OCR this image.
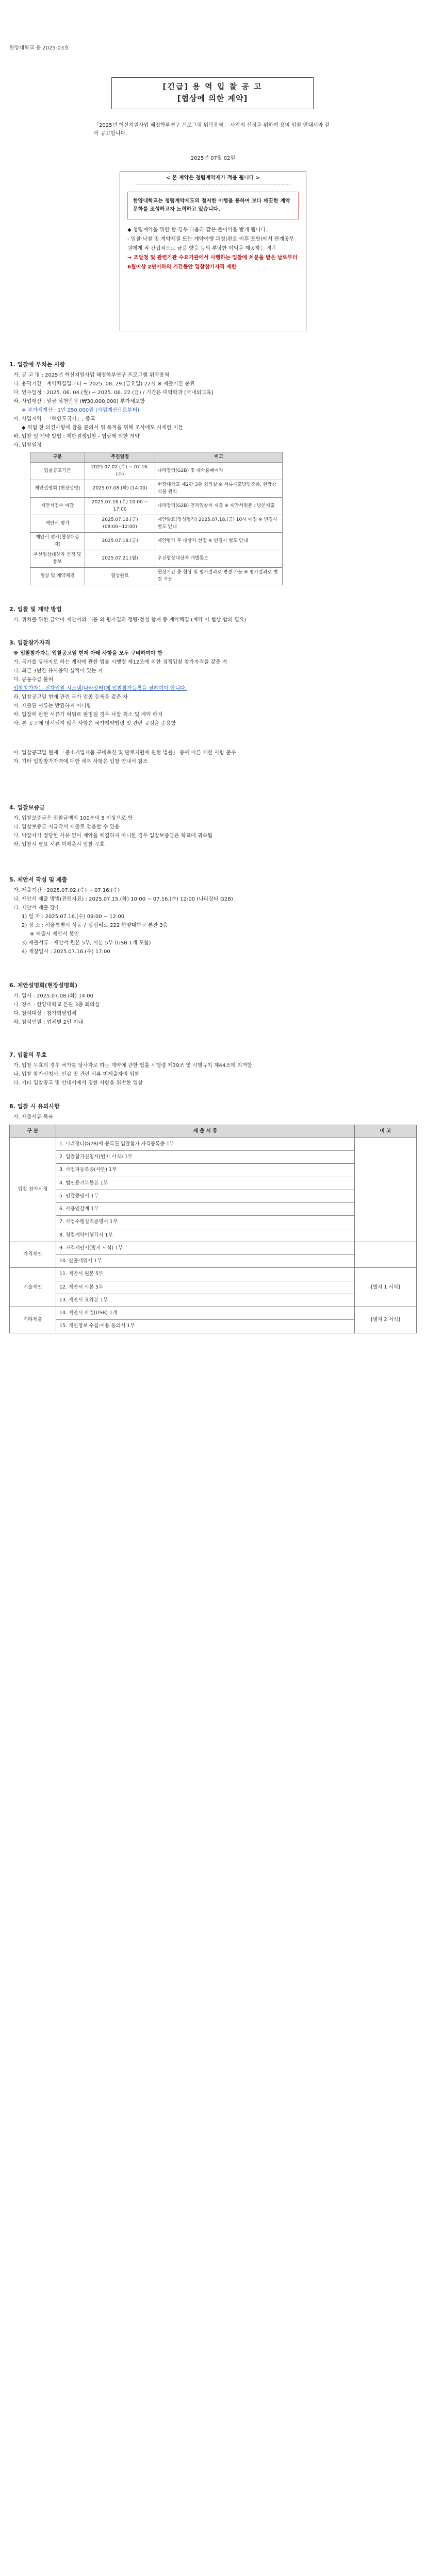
한양대학교 용 2025-03호
[긴급] 용 역 입 찰 공 고
[협상에 의한 계약]
「2025년 혁신지원사업 혜정학부연구 프로그램 위탁용역」 사업의 선정을 위하여 용역 입찰 안내서와 같이 공고합니다.
2025년 07월 02일
< 본 계약은 청렴계약제가 적용 됩니다 >
한양대학교는 청렴계약제도의 철저한 이행을 통하여 보다 깨끗한 계약 문화를 조성하고자 노력하고 있습니다.
◆ 청렴계약을 위한 할 경우 다음과 같은 불이익을 받게 됩니다.
- 입찰·낙찰 및 계약체결 또는 계약이행 과정(완료 이후 포함)에서 관계공무원에게 직·간접적으로 금품·향응 등의 부당한 이익을 제공하는 경우
→ 조달청 및 관련기관 수요기관에서 사행하는 입찰에 처분을 받은 날로부터 6월이상 2년이하의 기간동안 입찰참가자격 제한
1. 입찰에 부치는 사항
가. 공 고 명 : 2025년 혁신지원사업 혜정학부연구 프로그램 위탁용역
나. 용역기간 : 계약체결일부터 ~ 2025. 08. 29.(금요일) 22시 ※ 제출기간 종료
다. 연수일정 : 2025. 06. 04.(월) ~ 2025. 06. 22.(금) / 기간은 대학학과 [국내외교육]
라. 사업예산 : 일금 삼천만원 (₩30,000,000) 부가세포함
※ 부가세계산 : 1인 250,000원 (사업계산으로부터)
마. 사업지역 : 「혜인도국가」, 중고
◆ 위험 한 의견사항에 참을 문의서 위 목적을 위해 조사에도 시세한 이들
바. 입찰 및 계약 방법 : 제한경쟁입찰 - 협상에 의한 계약
사. 입찰일정
구분	추진일정	비고
입찰공고기간	2025.07.02.(수) ~ 07.16.(수)	나라장터(G2B) 및 대학홈페이지
제안설명회 (현장설명)	2025.07.08.(화) (14:00)	현장대학교 제2관 3층 회의실 ※ 서류제출방법준용, 현장참석불 원칙
제안서접수 마감	2025.07.16.(수) 10:00 ~ 17:00	나라장터(G2B) 전자입찰서 제출 ※ 제안서원본 : 방문제출
제안서 평가	2025.07.18.(금) (08:00~12:00)	제안발표(정성평가) 2025.07.18.(금) 10시 예정 ※ 변경시 별도 안내
제안서 평가(협상대상자)	2025.07.18.(금)	제안평가 후 대상자 선정 ※ 변경시 별도 안내
우선협상대상자 선정 및 통보	2025.07.21.(월)	우선협상대상자 개별통보
협상 및 계약체결	협상완료	협상기간 중 협상 및 평가결과로 변경 가능 ※ 평가결과로 변경 가능
2. 입찰 및 계약 방법
가. 위치를 위한 금액이 제안서의 내용 외 평가결과 정량·정성 합계 등 계약체결 (계약 시 협상 합의 필요)
3. 입찰참가자격
※ 입찰참가자는 입찰공고일 현재 아래 사항을 모두 구비하여야 함
가. 국가를 당사자로 하는 계약에 관한 법률 시행령 제12조에 의한 경쟁입찰 참가자격을 갖춘 자
나. 최근 3년간 유사용역 실적이 있는 자
다. 공동수급 불허
입찰참가자는 전자입찰 시스템(나라장터)에 입찰참가등록을 필하여야 합니다.
라. 입찰공고일 현재 관련 국가 업종 등록을 갖춘 자
마. 제출된 서류는 반환하지 아니함
바. 입찰에 관한 서류가 허위로 판명된 경우 낙찰 취소 및 계약 해지
사. 본 공고에 명시되지 않은 사항은 국가계약법령 및 관련 규정을 준용함
아. 입찰공고일 현재 「중소기업제품 구매촉진 및 판로지원에 관한 법률」 등에 따른 제한 사항 준수
자. 기타 입찰참가자격에 대한 세부 사항은 입찰 안내서 참조
4. 입찰보증금
가. 입찰보증금은 입찰금액의 100분의 5 이상으로 함
나. 입찰보증금 지급각서 제출로 갈음할 수 있음
다. 낙찰자가 정당한 사유 없이 계약을 체결하지 아니한 경우 입찰보증금은 학교에 귀속됨
라. 입찰시 필요 서류 미제출시 입찰 무효
5. 제안서 작성 및 제출
가. 제출기간 : 2025.07.02.(수) ~ 07.16.(수)
나. 제안서 제출 방법(관련자료) : 2025.07.15.(화) 10:00 ~ 07.16.(수) 12:00 (나라장터 G2B)
다. 제안서 제출 장소
1) 일 자 : 2025.07.16.(수) 09:00 ~ 12:00
2) 장 소 : 서울특별시 성동구 왕십리로 222 한양대학교 본관 3층
※ 제출시 제안서 봉인
3) 제출서류 : 제안서 원본 5부, 사본 5부 (USB 1개 포함)
4) 개찰일시 : 2025.07.16.(수) 17:00
6. 제안설명회(현장설명회)
가. 일시 : 2025.07.08.(화) 14:00
나. 장소 : 한양대학교 본관 3층 회의실
다. 참석대상 : 참가희망업체
라. 참석인원 : 업체별 2인 이내
7. 입찰의 무효
가. 입찰 무효의 경우 국가를 당사자로 하는 계약에 관한 법률 시행령 제39조 및 시행규칙 제44조에 의거함
나. 입찰 참가신청서, 인감 및 관련 서류 미제출자의 입찰
다. 기타 입찰공고 및 안내서에서 정한 사항을 위반한 입찰
8. 입찰 시 유의사항
가. 제출서류 목록
구 분	제 출 서 류	비 고
입찰 참가신청	1. 나라장터(G2B)에 등록된 입찰참가 자격등록증 1부	
	2. 입찰참가신청서(별지 서식) 1부	
	3. 사업자등록증(사본) 1부	
	4. 법인등기부등본 1부	
	5. 인감증명서 1부	
	6. 사용인감계 1부	
	7. 사업수행실적증명서 1부	
	8. 청렴계약이행각서 1부	
가격제안	9. 가격제안서(별지 서식) 1부	
	10. 산출내역서 1부	
기술제안	11. 제안서 원본 5부	[별지 1 서식]
	12. 제안서 사본 5부	
	13. 제안서 요약본 1부	
기타제출	14. 제안서 파일(USB) 1개	[별지 2 서식]
	15. 개인정보 수집·이용 동의서 1부	
